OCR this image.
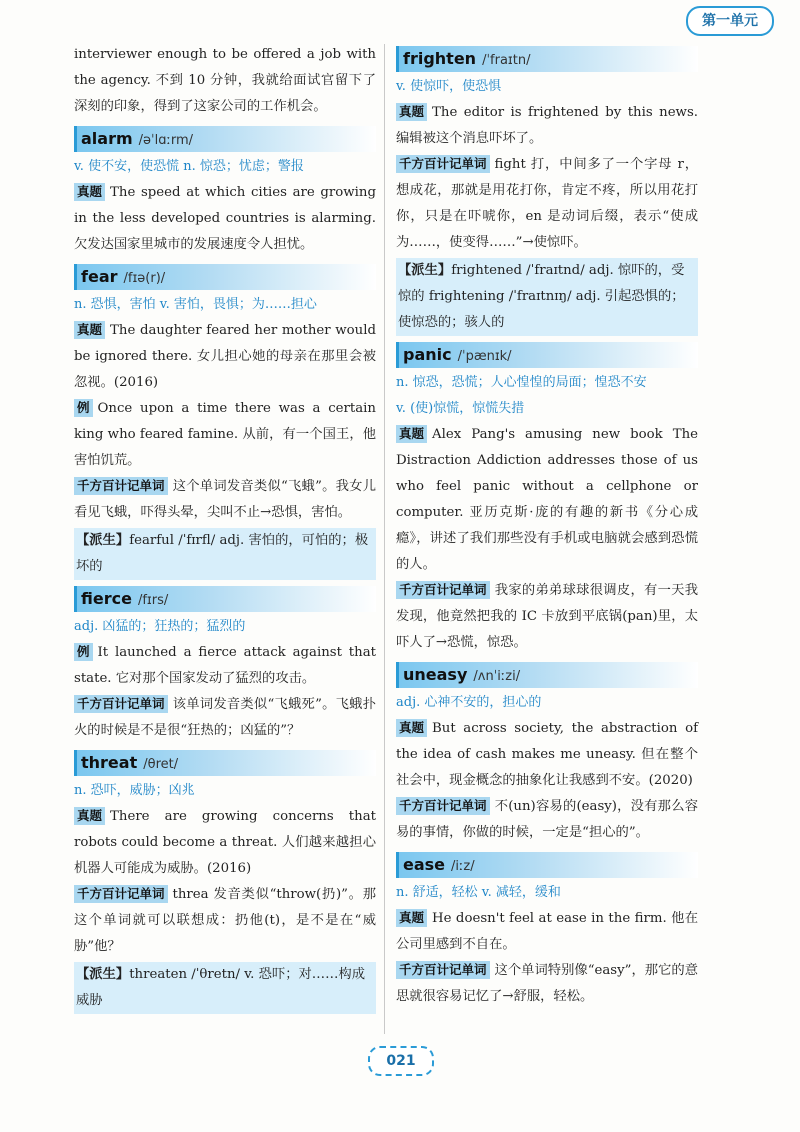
第一单元

interviewer enough to be offered a job with the agency. 不到 10 分钟，我就给面试官留下了深刻的印象，得到了这家公司的工作机会。

alarm /əˈlɑːrm/

v. 使不安，使恐慌 n. 惊恐；忧虑；警报

真题 The speed at which cities are growing in the less developed countries is alarming. 欠发达国家里城市的发展速度令人担忧。

fear /fɪə(r)/

n. 恐惧，害怕 v. 害怕，畏惧；为……担心

真题 The daughter feared her mother would be ignored there. 女儿担心她的母亲在那里会被忽视。(2016)

例 Once upon a time there was a certain king who feared famine. 从前，有一个国王，他害怕饥荒。

千方百计记单词 这个单词发音类似“飞蛾”。我女儿看见飞蛾，吓得头晕，尖叫不止→恐惧，害怕。

【派生】fearful /ˈfɪrfl/ adj. 害怕的，可怕的；极坏的

fierce /fɪrs/

adj. 凶猛的；狂热的；猛烈的

例 It launched a fierce attack against that state. 它对那个国家发动了猛烈的攻击。

千方百计记单词 该单词发音类似“飞蛾死”。飞蛾扑火的时候是不是很“狂热的；凶猛的”？

threat /θret/

n. 恐吓，威胁；凶兆

真题 There are growing concerns that robots could become a threat. 人们越来越担心机器人可能成为威胁。(2016)

千方百计记单词 threa 发音类似“throw(扔)”。那这个单词就可以联想成：扔他(t)，是不是在“威胁”他？

【派生】threaten /ˈθretn/ v. 恐吓；对……构成威胁

frighten /ˈfraɪtn/

v. 使惊吓，使恐惧

真题 The editor is frightened by this news. 编辑被这个消息吓坏了。

千方百计记单词 fight 打，中间多了一个字母 r，想成花，那就是用花打你，肯定不疼，所以用花打你，只是在吓唬你，en 是动词后缀，表示“使成为……，使变得……”→使惊吓。

【派生】frightened /ˈfraɪtnd/ adj. 惊吓的，受惊的 frightening /ˈfraɪtnɪŋ/ adj. 引起恐惧的；使惊恐的；骇人的

panic /ˈpænɪk/

n. 惊恐，恐慌；人心惶惶的局面；惶恐不安

v. (使)惊慌，惊慌失措

真题 Alex Pang's amusing new book The Distraction Addiction addresses those of us who feel panic without a cellphone or computer. 亚历克斯·庞的有趣的新书《分心成瘾》，讲述了我们那些没有手机或电脑就会感到恐慌的人。

千方百计记单词 我家的弟弟球球很调皮，有一天我发现，他竟然把我的 IC 卡放到平底锅(pan)里，太吓人了→恐慌，惊恐。

uneasy /ʌnˈiːzi/

adj. 心神不安的，担心的

真题 But across society, the abstraction of the idea of cash makes me uneasy. 但在整个社会中，现金概念的抽象化让我感到不安。(2020)

千方百计记单词 不(un)容易的(easy)，没有那么容易的事情，你做的时候，一定是“担心的”。

ease /iːz/

n. 舒适，轻松 v. 减轻，缓和

真题 He doesn't feel at ease in the firm. 他在公司里感到不自在。

千方百计记单词 这个单词特别像“easy”，那它的意思就很容易记忆了→舒服，轻松。

021
